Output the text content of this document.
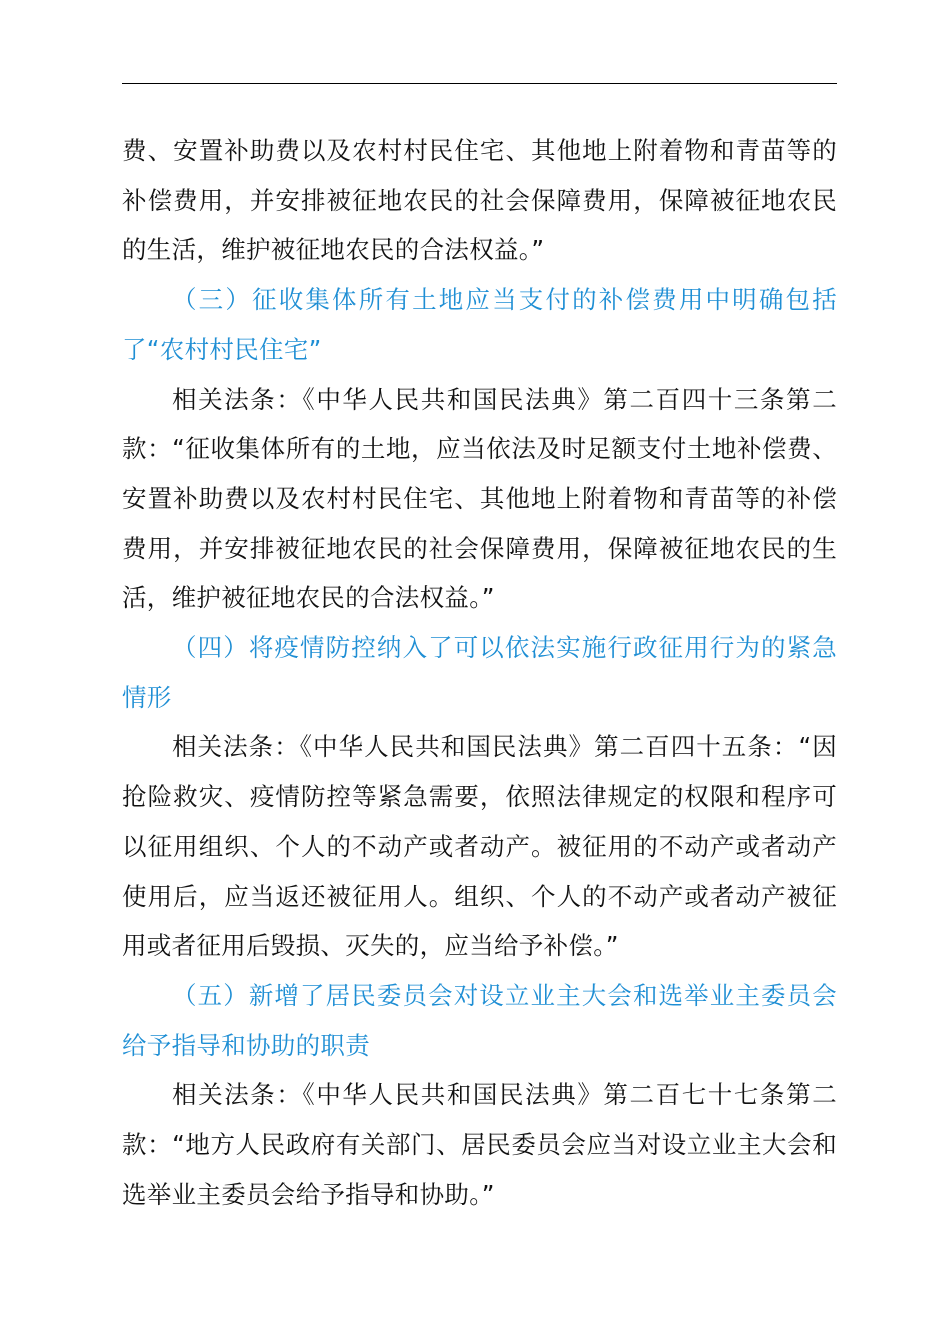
费、安置补助费以及农村村民住宅、其他地上附着物和青苗等的补偿费用，并安排被征地农民的社会保障费用，保障被征地农民的生活，维护被征地农民的合法权益。”

（三）征收集体所有土地应当支付的补偿费用中明确包括了“农村村民住宅”

相关法条：《中华人民共和国民法典》第二百四十三条第二款：“征收集体所有的土地，应当依法及时足额支付土地补偿费、安置补助费以及农村村民住宅、其他地上附着物和青苗等的补偿费用，并安排被征地农民的社会保障费用，保障被征地农民的生活，维护被征地农民的合法权益。”

（四）将疫情防控纳入了可以依法实施行政征用行为的紧急情形

相关法条：《中华人民共和国民法典》第二百四十五条：“因抢险救灾、疫情防控等紧急需要，依照法律规定的权限和程序可以征用组织、个人的不动产或者动产。被征用的不动产或者动产使用后，应当返还被征用人。组织、个人的不动产或者动产被征用或者征用后毁损、灭失的，应当给予补偿。”

（五）新增了居民委员会对设立业主大会和选举业主委员会给予指导和协助的职责

相关法条：《中华人民共和国民法典》第二百七十七条第二款：“地方人民政府有关部门、居民委员会应当对设立业主大会和选举业主委员会给予指导和协助。”
